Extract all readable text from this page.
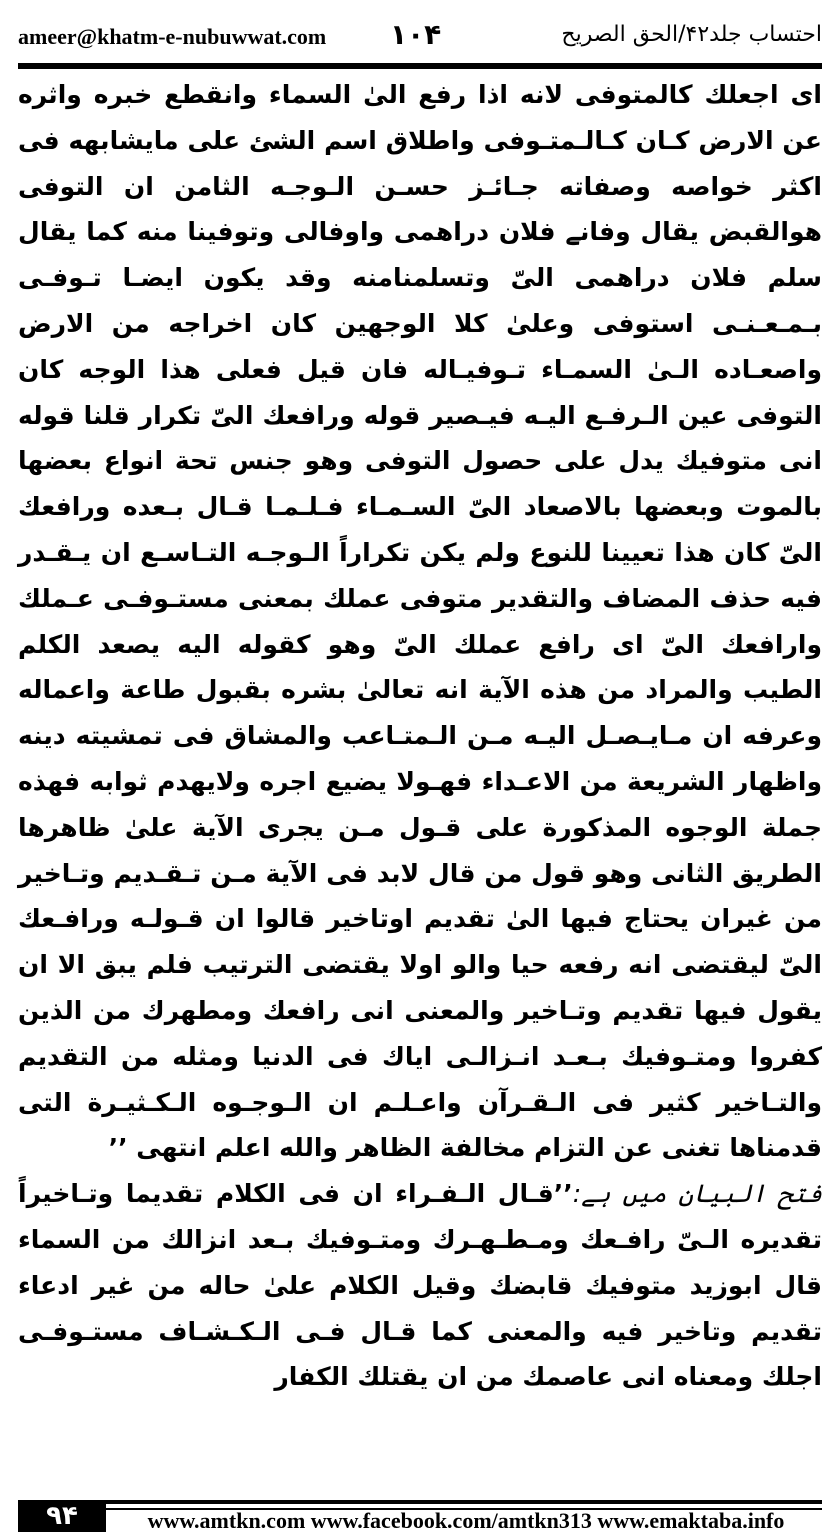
ameer@khatm-e-nubuwwat.com ۱۰۴	احتساب جلد۴۲/الحق الصریح

ای اجعلك كالمتوفی لانه اذا رفع الیٰ السماء وانقطع خبره واثره عن الارض كـان كـالـمتـوفی واطلاق اسم الشئ علی مایشابهه فی اكثر خواصه وصفاته جـائـز حسـن الـوجـه الثامن ان التوفی هوالقبض یقال وفانے فلان دراهمی واوفالی وتوفینا منه كما یقال سلم فلان دراهمی الیّ وتسلمنامنه وقد یكون ایضـا تـوفـی بـمـعـنـی استوفی وعلیٰ كلا الوجهین كان اخراجه من الارض واصعـاده الـیٰ السمـاء تـوفیـاله فان قیل فعلی هذا الوجه كان التوفی عین الـرفـع الیـه فیـصیر قوله ورافعك الیّ تكرار قلنا قوله انی متوفیك یدل علی حصول التوفی وهو جنس تحة انواع بعضها بالموت وبعضها بالاصعاد الیّ السـمـاء فـلـمـا قـال بـعده ورافعك الیّ كان هذا تعیینا للنوع ولم یكن تكراراً الـوجـه التـاسـع ان یـقـدر فیه حذف المضاف والتقدیر متوفی عملك بمعنی مستـوفـی عـملك وارافعك الیّ ای رافع عملك الیّ وهو كقوله الیه یصعد الكلم الطیب والمراد من هذه الآیة انه تعالیٰ بشره بقبول طاعة واعماله وعرفه ان مـایـصـل الیـه مـن الـمتـاعب والمشاق فی تمشیته دینه واظهار الشریعة من الاعـداء فهـولا یضیع اجره ولایهدم ثوابه فهذه جملة الوجوه المذكورة علی قـول مـن یجری الآیة علیٰ ظاهرها الطریق الثانی وهو قول من قال لابد فی الآیة مـن تـقـدیم وتـاخیر من غیران یحتاج فیها الیٰ تقدیم اوتاخیر قالوا ان قـولـه ورافـعك الیّ لیقتضی انه رفعه حیا والو اولا یقتضی الترتیب فلم یبق الا ان یقول فیها تقدیم وتـاخیر والمعنی انی رافعك ومطهرك من الذین كفروا ومتـوفیك بـعـد انـزالـی ایاك فی الدنیا ومثله من التقدیم والتـاخیر كثیر فی الـقـرآن واعـلـم ان الـوجـوه الـكـثیـرة التی قدمناها تغنی عن التزام مخالفة الظاهر والله اعلم انتهی ’’

فتح البیان میں ہے:’’قـال الـفـراء ان فی الكلام تقدیما وتـاخیراً تقدیره الـیّ رافـعك ومـطـهـرك ومتـوفیك بـعد انزالك من السماء قال ابوزید متوفیك قابضك وقیل الكلام علیٰ حاله من غیر ادعاء تقدیم وتاخیر فیه والمعنی كما قـال فـی الـكـشـاف مستـوفـی اجلك ومعناه انی عاصمك من ان یقتلك الكفار

۹۴	www.amtkn.com www.facebook.com/amtkn313 www.emaktaba.info
